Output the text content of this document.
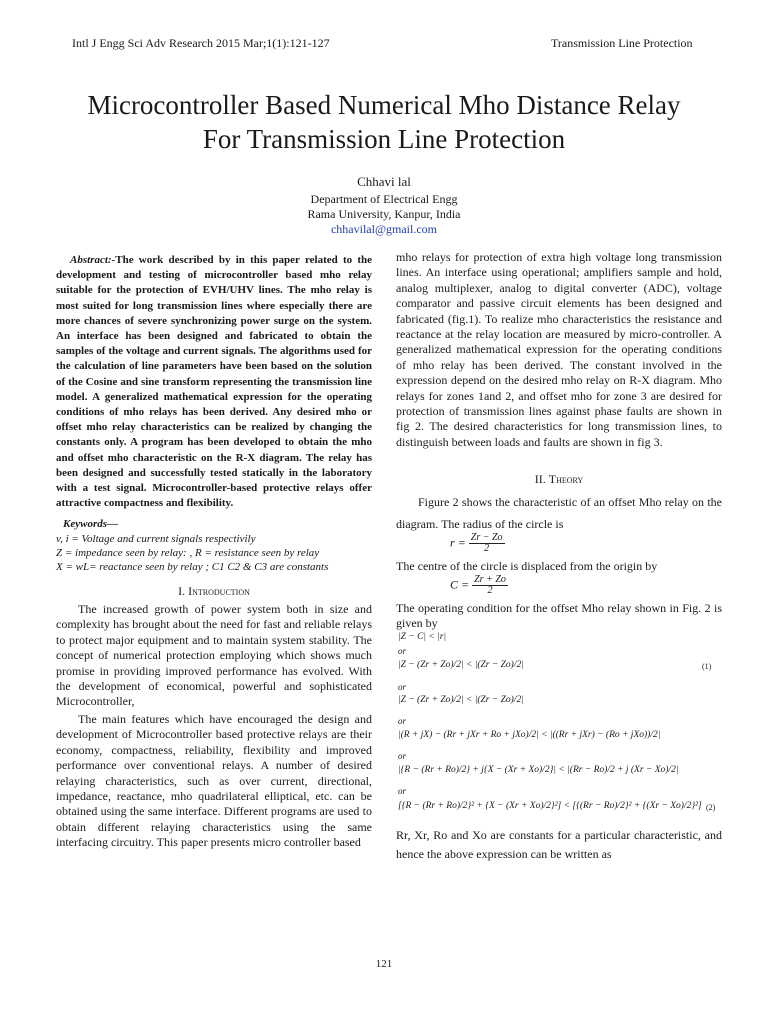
Intl J Engg Sci Adv Research 2015 Mar;1(1):121-127	Transmission Line Protection
Microcontroller Based Numerical Mho Distance Relay
For Transmission Line Protection
Chhavi lal
Department of Electrical Engg
Rama University, Kanpur, India
chhavilal@gmail.com
Abstract:-The work described by in this paper related to the development and testing of microcontroller based mho relay suitable for the protection of EVH/UHV lines. The mho relay is most suited for long transmission lines where especially there are more chances of severe synchronizing power surge on the system. An interface has been designed and fabricated to obtain the samples of the voltage and current signals. The algorithms used for the calculation of line parameters have been based on the solution of the Cosine and sine transform representing the transmission line model. A generalized mathematical expression for the operating conditions of mho relays has been derived. Any desired mho or offset mho relay characteristics can be realized by changing the constants only. A program has been developed to obtain the mho and offset mho characteristic on the R-X diagram. The relay has been designed and successfully tested statically in the laboratory with a test signal. Microcontroller-based protective relays offer attractive compactness and flexibility.
Keywords—
v, i = Voltage and current signals respectivily
Z = impedance seen by relay: , R = resistance seen by relay
X = wL= reactance seen by relay ; C1 C2 & C3 are constants
I. Introduction
The increased growth of power system both in size and complexity has brought about the need for fast and reliable relays to protect major equipment and to maintain system stability. The concept of numerical protection employing which shows much promise in providing improved performance has evolved. With the development of economical, powerful and sophisticated Microcontroller,
The main features which have encouraged the design and development of Microcontroller based protective relays are their economy, compactness, reliability, flexibility and improved performance over conventional relays. A number of desired relaying characteristics, such as over current, directional, impedance, reactance, mho quadrilateral elliptical, etc. can be obtained using the same interface. Different programs are used to obtain different relaying characteristics using the same interfacing circuitry. This paper presents micro controller based
mho relays for protection of extra high voltage long transmission lines. An interface using operational; amplifiers sample and hold, analog multiplexer, analog to digital converter (ADC), voltage comparator and passive circuit elements has been designed and fabricated (fig.1). To realize mho characteristics the resistance and reactance at the relay location are measured by micro-controller. A generalized mathematical expression for the operating conditions of mho relay has been derived. The constant involved in the expression depend on the desired mho relay on R-X diagram. Mho relays for zones 1and 2, and offset mho for zone 3 are desired for protection of transmission lines against phase faults are shown in fig 2. The desired characteristics for long transmission lines, to distinguish between loads and faults are shown in fig 3.
II. Theory
Figure 2 shows the characteristic of an offset Mho relay on the diagram. The radius of the circle is
$r = \frac{Zr - Zo}{2}$
The centre of the circle is displaced from the origin by
$C = \frac{Zr + Zo}{2}$
The operating condition for the offset Mho relay shown in Fig. 2 is given by
|Z − C| < |r|
or
|Z − (Zr + Zo)/2| < |(Zr − Zo)/2|	(1)
or
|Z − (Zr + Zo)/2| < |(Zr − Zo)/2|
or
|(R + jX) − (Rr + jXr + Ro + jXo)/2| < |((Rr + jXr) − (Ro + jXo))/2|
or
|{R − (Rr + Ro)/2} + j{X − (Xr + Xo)/2}| < |(Rr − Ro)/2 + j (Xr − Xo)/2|
or
[{R − (Rr + Ro)/2}² + {X − (Xr + Xo)/2}²] < [{(Rr − Ro)/2}² + {(Xr − Xo)/2}²] (2)
Rr, Xr, Ro and Xo are constants for a particular characteristic, and hence the above expression can be written as
121
